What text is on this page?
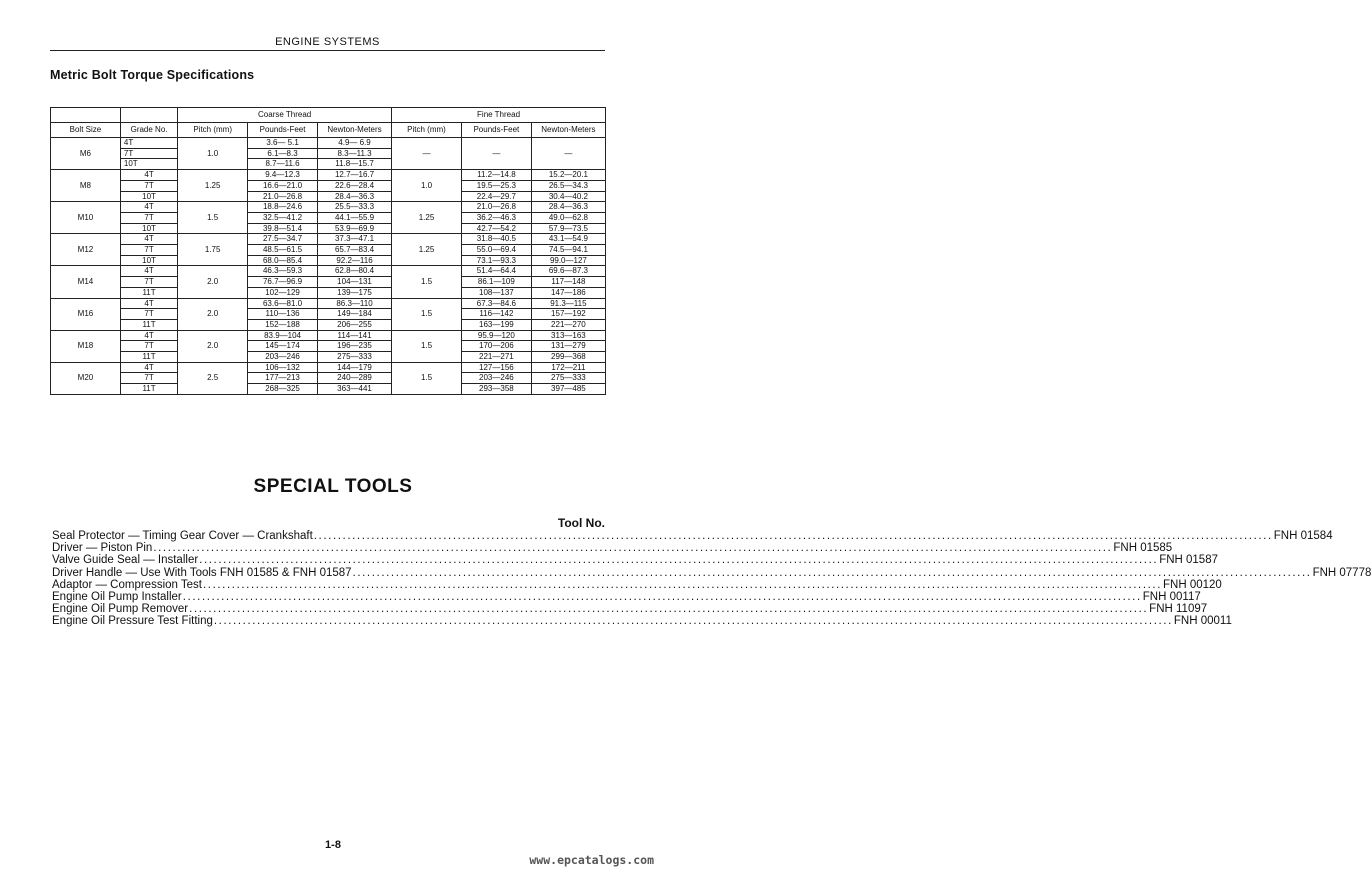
ENGINE SYSTEMS
Metric Bolt Torque Specifications
		Coarse Thread			Fine Thread		
Bolt Size	Grade No.	Pitch (mm)	Pounds-Feet	Newton-Meters	Pitch (mm)	Pounds-Feet	Newton-Meters
M6	4T	1.0	3.6— 5.1	4.9— 6.9	—	—	—
	7T		6.1—8.3	8.3—11.3			
	10T		8.7—11.6	11.8—15.7			
M8	4T	1.25	9.4—12.3	12.7—16.7	1.0	11.2—14.8	15.2—20.1
	7T		16.6—21.0	22.6—28.4		19.5—25.3	26.5—34.3
	10T		21.0—26.8	28.4—36.3		22.4—29.7	30.4—40.2
M10	4T	1.5	18.8—24.6	25.5—33.3	1.25	21.0—26.8	28.4—36.3
	7T		32.5—41.2	44.1—55.9		36.2—46.3	49.0—62.8
	10T		39.8—51.4	53.9—69.9		42.7—54.2	57.9—73.5
M12	4T	1.75	27.5—34.7	37.3—47.1	1.25	31.8—40.5	43.1—54.9
	7T		48.5—61.5	65.7—83.4		55.0—69.4	74.5—94.1
	10T		68.0—85.4	92.2—116		73.1—93.3	99.0—127
M14	4T	2.0	46.3—59.3	62.8—80.4	1.5	51.4—64.4	69.6—87.3
	7T		76.7—96.9	104—131		86.1—109	117—148
	11T		102—129	139—175		108—137	147—186
M16	4T	2.0	63.6—81.0	86.3—110	1.5	67.3—84.6	91.3—115
	7T		110—136	149—184		116—142	157—192
	11T		152—188	206—255		163—199	221—270
M18	4T	2.0	83.9—104	114—141	1.5	95.9—120	313—163
	7T		145—174	196—235		170—206	131—279
	11T		203—246	275—333		221—271	299—368
M20	4T	2.5	106—132	144—179	1.5	127—156	172—211
	7T		177—213	240—289		203—246	275—333
	11T		268—325	363—441		293—358	397—485
SPECIAL TOOLS
Tool No.
Seal Protector — Timing Gear Cover — Crankshaft ........................................................................................................................................................................................................ FNH 01584
Driver — Piston Pin ........................................................................................................................................................................................................ FNH 01585
Valve Guide Seal — Installer ........................................................................................................................................................................................................ FNH 01587
Driver Handle — Use With Tools FNH 01585 & FNH 01587 ........................................................................................................................................................................................................ FNH 07778
Adaptor — Compression Test ........................................................................................................................................................................................................ FNH 00120
Engine Oil Pump Installer ........................................................................................................................................................................................................ FNH 00117
Engine Oil Pump Remover ........................................................................................................................................................................................................ FNH 11097
Engine Oil Pressure Test Fitting ........................................................................................................................................................................................................ FNH 00011
1-8
www.epcatalogs.com
